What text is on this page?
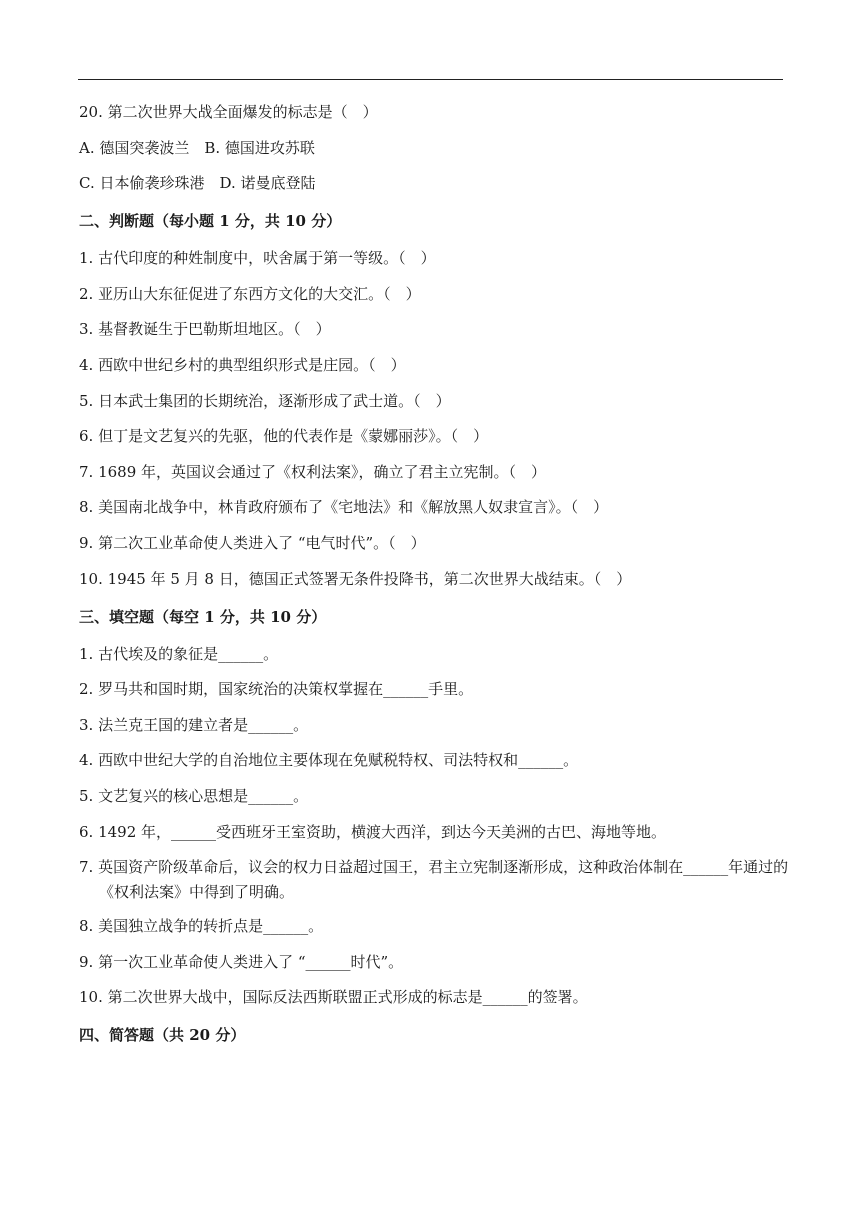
20. 第二次世界大战全面爆发的标志是（　）
A. 德国突袭波兰　B. 德国进攻苏联
C. 日本偷袭珍珠港　D. 诺曼底登陆
二、判断题（每小题 1 分，共 10 分）
1. 古代印度的种姓制度中，吠舍属于第一等级。（　）
2. 亚历山大东征促进了东西方文化的大交汇。（　）
3. 基督教诞生于巴勒斯坦地区。（　）
4. 西欧中世纪乡村的典型组织形式是庄园。（　）
5. 日本武士集团的长期统治，逐渐形成了武士道。（　）
6. 但丁是文艺复兴的先驱，他的代表作是《蒙娜丽莎》。（　）
7. 1689 年，英国议会通过了《权利法案》，确立了君主立宪制。（　）
8. 美国南北战争中，林肯政府颁布了《宅地法》和《解放黑人奴隶宣言》。（　）
9. 第二次工业革命使人类进入了 “电气时代”。（　）
10. 1945 年 5 月 8 日，德国正式签署无条件投降书，第二次世界大战结束。（　）
三、填空题（每空 1 分，共 10 分）
1. 古代埃及的象征是______。
2. 罗马共和国时期，国家统治的决策权掌握在______手里。
3. 法兰克王国的建立者是______。
4. 西欧中世纪大学的自治地位主要体现在免赋税特权、司法特权和______。
5. 文艺复兴的核心思想是______。
6. 1492 年，______受西班牙王室资助，横渡大西洋，到达今天美洲的古巴、海地等地。
7. 英国资产阶级革命后，议会的权力日益超过国王，君主立宪制逐渐形成，这种政治体制在______年通过的《权利法案》中得到了明确。
8. 美国独立战争的转折点是______。
9. 第一次工业革命使人类进入了 “______时代”。
10. 第二次世界大战中，国际反法西斯联盟正式形成的标志是______的签署。
四、简答题（共 20 分）
